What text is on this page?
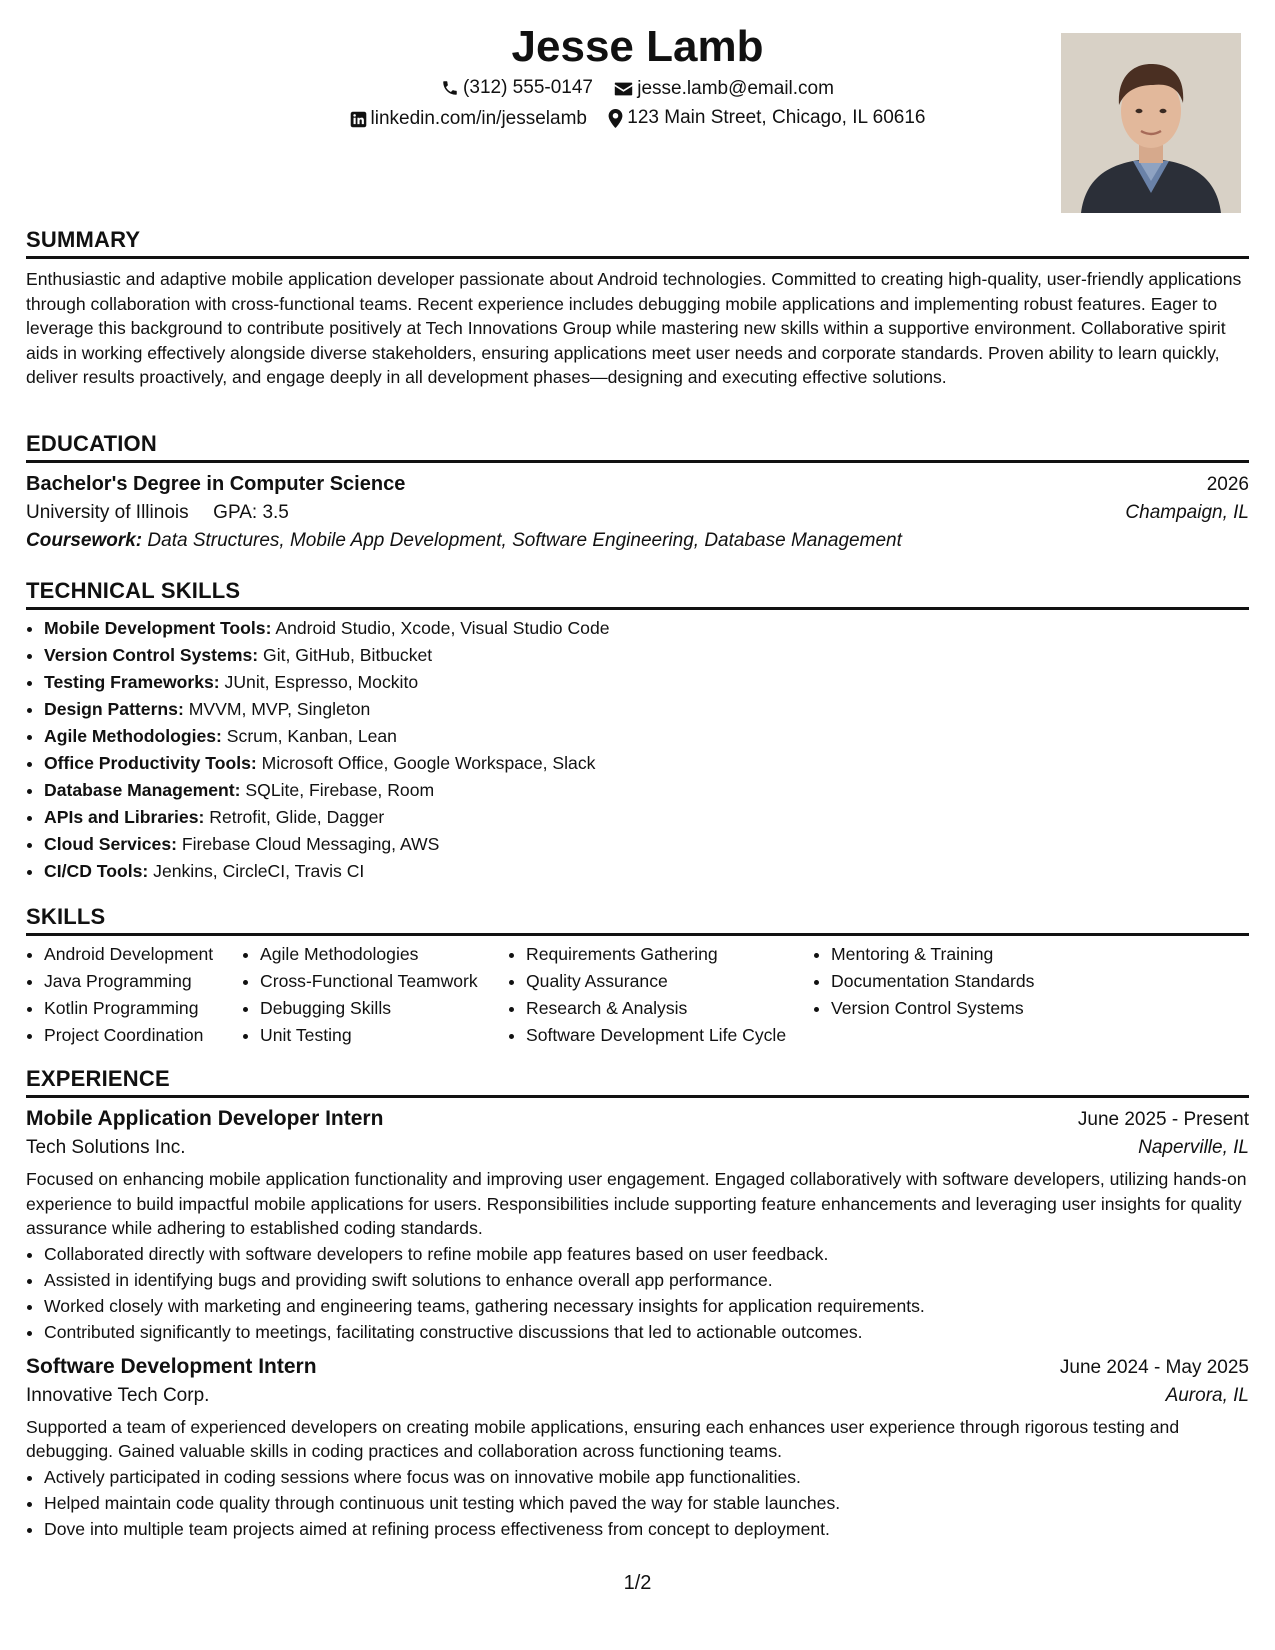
Jesse Lamb
(312) 555-0147
jesse.lamb@email.com
linkedin.com/in/jesselamb
123 Main Street, Chicago, IL 60616
SUMMARY

Enthusiastic and adaptive mobile application developer passionate about Android technologies. Committed to creating high-quality, user-friendly applications through collaboration with cross-functional teams. Recent experience includes debugging mobile applications and implementing robust features. Eager to leverage this background to contribute positively at Tech Innovations Group while mastering new skills within a supportive environment. Collaborative spirit aids in working effectively alongside diverse stakeholders, ensuring applications meet user needs and corporate standards. Proven ability to learn quickly, deliver results proactively, and engage deeply in all development phases—designing and executing effective solutions.

EDUCATION
Bachelor's Degree in Computer Science	2026
University of Illinois GPA: 3.5	Champaign, IL
Coursework: Data Structures, Mobile App Development, Software Engineering, Database Management
TECHNICAL SKILLS
• Mobile Development Tools: Android Studio, Xcode, Visual Studio Code
• Version Control Systems: Git, GitHub, Bitbucket
• Testing Frameworks: JUnit, Espresso, Mockito
• Design Patterns: MVVM, MVP, Singleton
• Agile Methodologies: Scrum, Kanban, Lean
• Office Productivity Tools: Microsoft Office, Google Workspace, Slack
• Database Management: SQLite, Firebase, Room
• APIs and Libraries: Retrofit, Glide, Dagger
• Cloud Services: Firebase Cloud Messaging, AWS
• CI/CD Tools: Jenkins, CircleCI, Travis CI
SKILLS
• Android Development
• Java Programming
• Kotlin Programming
• Project Coordination
• Agile Methodologies
• Cross-Functional Teamwork
• Debugging Skills
• Unit Testing
• Requirements Gathering
• Quality Assurance
• Research & Analysis
• Software Development Life Cycle
• Mentoring & Training
• Documentation Standards
• Version Control Systems
EXPERIENCE
Mobile Application Developer Intern	June 2025 - Present
Tech Solutions Inc.	Naperville, IL

Focused on enhancing mobile application functionality and improving user engagement. Engaged collaboratively with software developers, utilizing hands-on experience to build impactful mobile applications for users. Responsibilities include supporting feature enhancements and leveraging user insights for quality assurance while adhering to established coding standards.

• Collaborated directly with software developers to refine mobile app features based on user feedback.
• Assisted in identifying bugs and providing swift solutions to enhance overall app performance.
• Worked closely with marketing and engineering teams, gathering necessary insights for application requirements.
• Contributed significantly to meetings, facilitating constructive discussions that led to actionable outcomes.
Software Development Intern	June 2024 - May 2025
Innovative Tech Corp.	Aurora, IL

Supported a team of experienced developers on creating mobile applications, ensuring each enhances user experience through rigorous testing and debugging. Gained valuable skills in coding practices and collaboration across functioning teams.

• Actively participated in coding sessions where focus was on innovative mobile app functionalities.
• Helped maintain code quality through continuous unit testing which paved the way for stable launches.
• Dove into multiple team projects aimed at refining process effectiveness from concept to deployment.
1/2
